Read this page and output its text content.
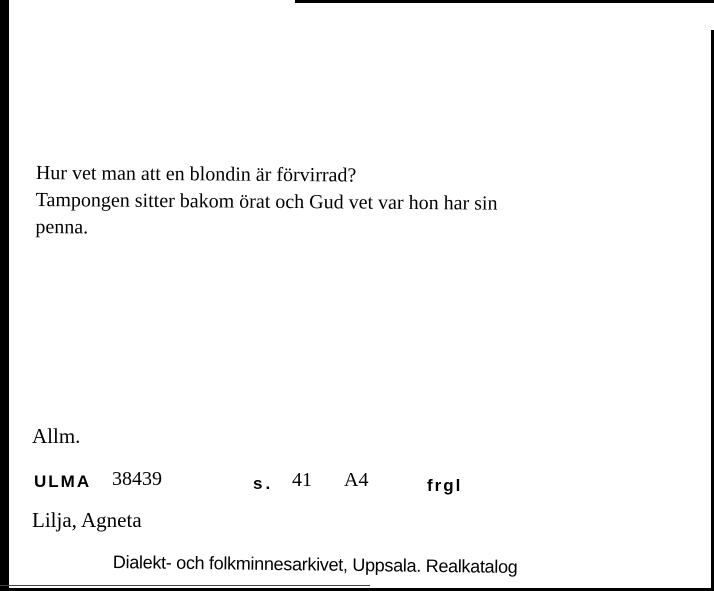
Hur vet man att en blondin är förvirrad?

Tampongen sitter bakom örat och Gud vet var hon har sin

penna.

Allm.
ULMA 38439	s. 41 A4	frgl
Lilja, Agneta
Dialekt- och folkminnesarkivet, Uppsala. Realkatalog
